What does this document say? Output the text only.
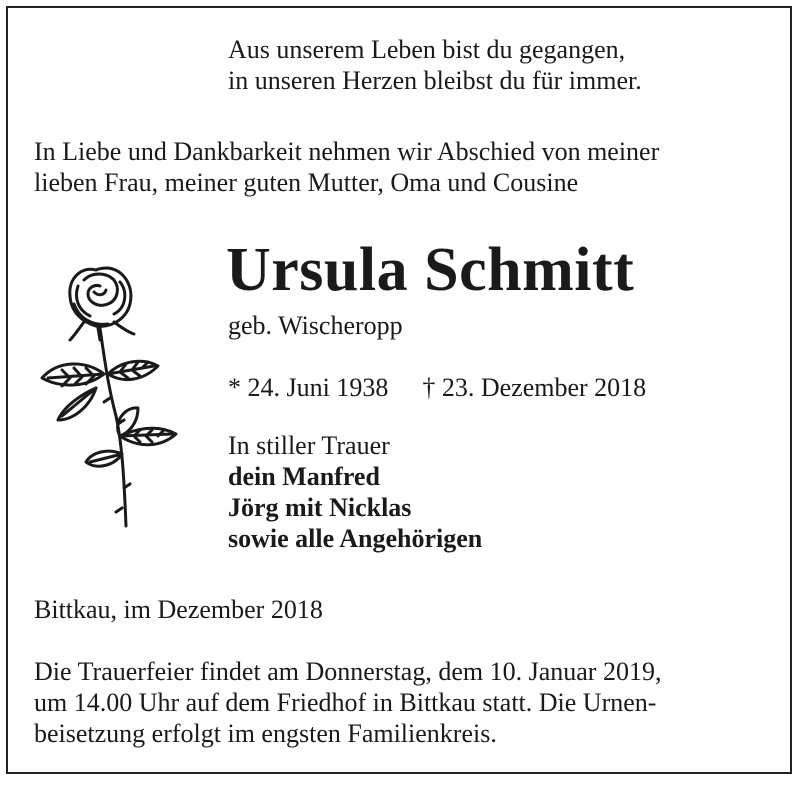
Aus unserem Leben bist du gegangen,
in unseren Herzen bleibst du für immer.
In Liebe und Dankbarkeit nehmen wir Abschied von meiner
lieben Frau, meiner guten Mutter, Oma und Cousine
Ursula Schmitt
geb. Wischeropp
* 24. Juni 1938 † 23. Dezember 2018
In stiller Trauer
dein Manfred
Jörg mit Nicklas
sowie alle Angehörigen
Bittkau, im Dezember 2018
Die Trauerfeier findet am Donnerstag, dem 10. Januar 2019,
um 14.00 Uhr auf dem Friedhof in Bittkau statt. Die Urnen-
beisetzung erfolgt im engsten Familienkreis.
